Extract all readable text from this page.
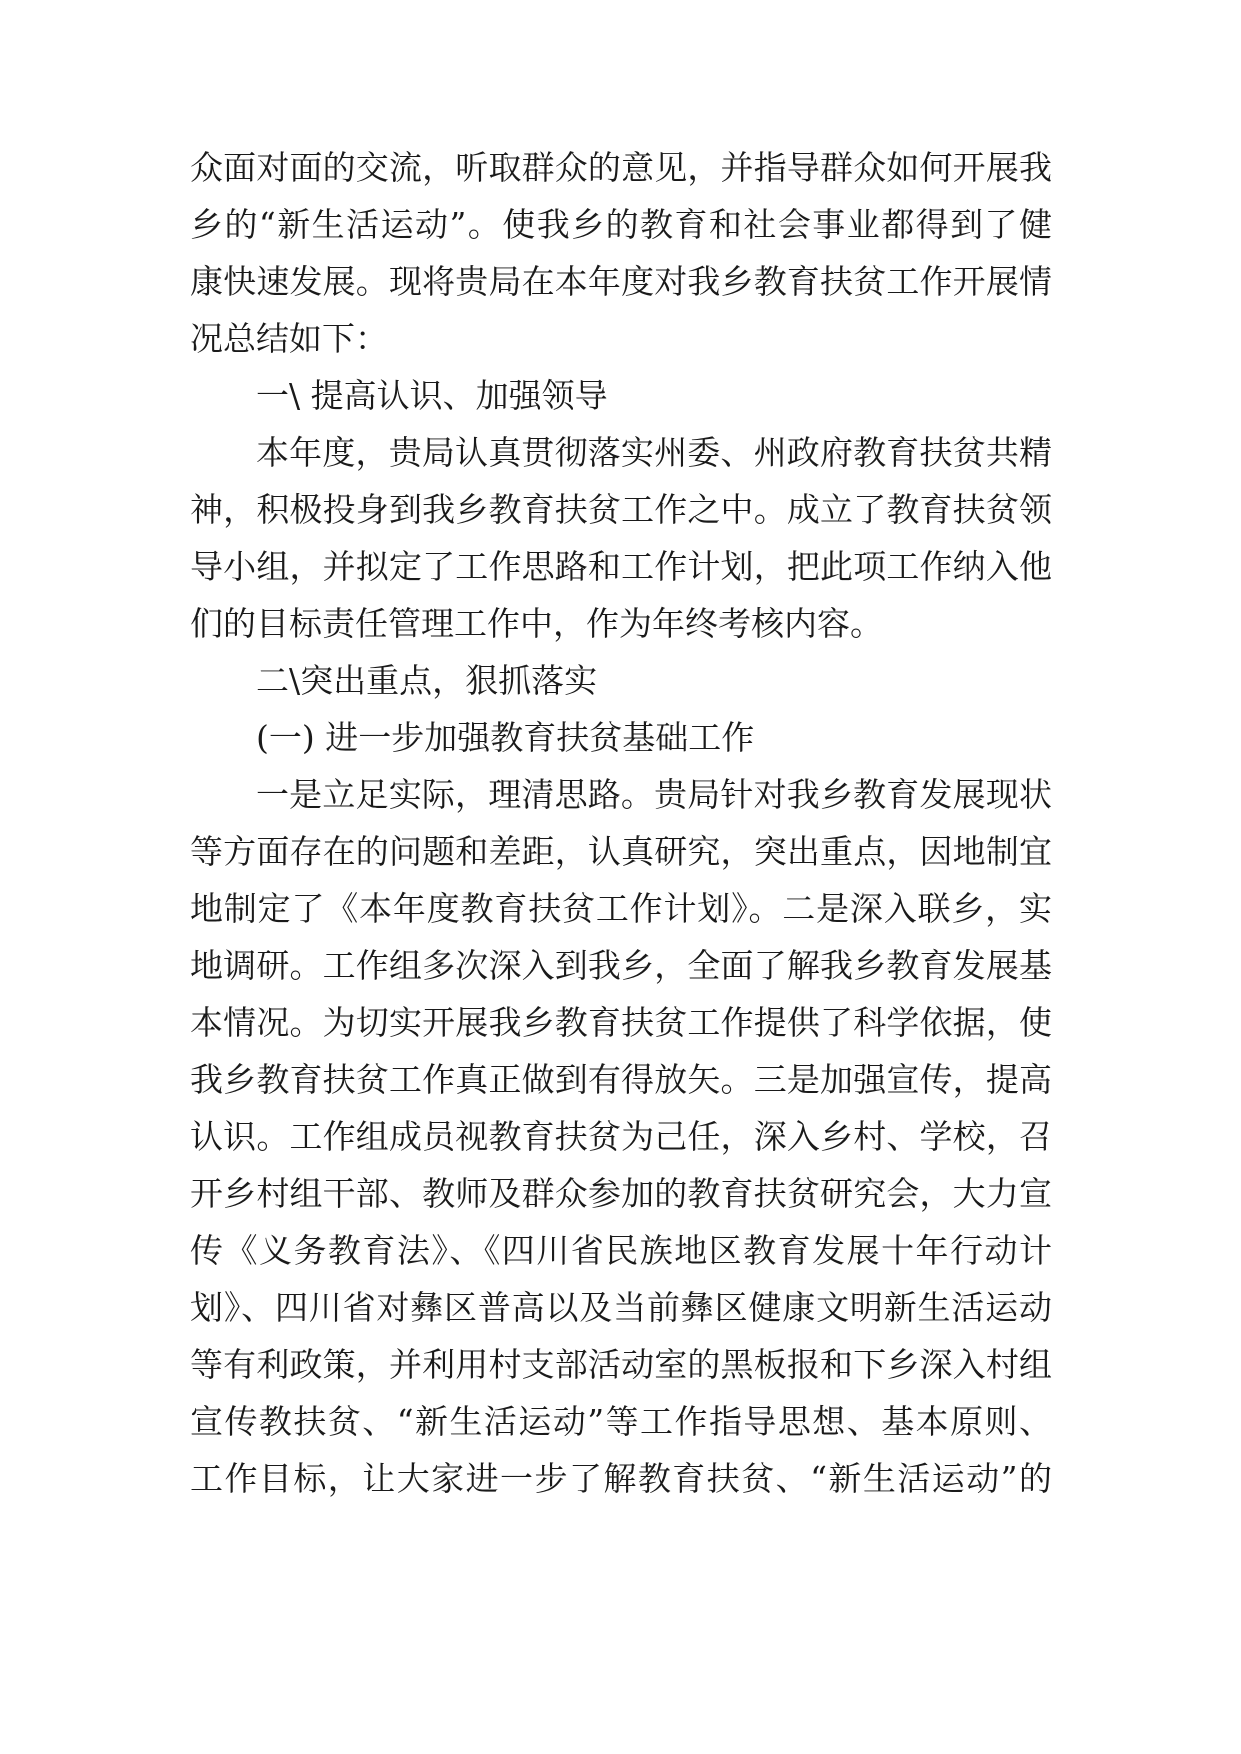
众面对面的交流，听取群众的意见，并指导群众如何开展我
乡的“新生活运动”。使我乡的教育和社会事业都得到了健
康快速发展。现将贵局在本年度对我乡教育扶贫工作开展情
况总结如下：
一\ 提高认识、加强领导
本年度，贵局认真贯彻落实州委、州政府教育扶贫共精
神，积极投身到我乡教育扶贫工作之中。成立了教育扶贫领
导小组，并拟定了工作思路和工作计划，把此项工作纳入他
们的目标责任管理工作中，作为年终考核内容。
二\突出重点，狠抓落实
(一) 进一步加强教育扶贫基础工作
一是立足实际，理清思路。贵局针对我乡教育发展现状
等方面存在的问题和差距，认真研究，突出重点，因地制宜
地制定了《本年度教育扶贫工作计划》。二是深入联乡，实
地调研。工作组多次深入到我乡，全面了解我乡教育发展基
本情况。为切实开展我乡教育扶贫工作提供了科学依据，使
我乡教育扶贫工作真正做到有得放矢。三是加强宣传，提高
认识。工作组成员视教育扶贫为己任，深入乡村、学校，召
开乡村组干部、教师及群众参加的教育扶贫研究会，大力宣
传《义务教育法》、《四川省民族地区教育发展十年行动计
划》、四川省对彝区普高以及当前彝区健康文明新生活运动
等有利政策，并利用村支部活动室的黑板报和下乡深入村组
宣传教扶贫、“新生活运动”等工作指导思想、基本原则、
工作目标，让大家进一步了解教育扶贫、“新生活运动”的
